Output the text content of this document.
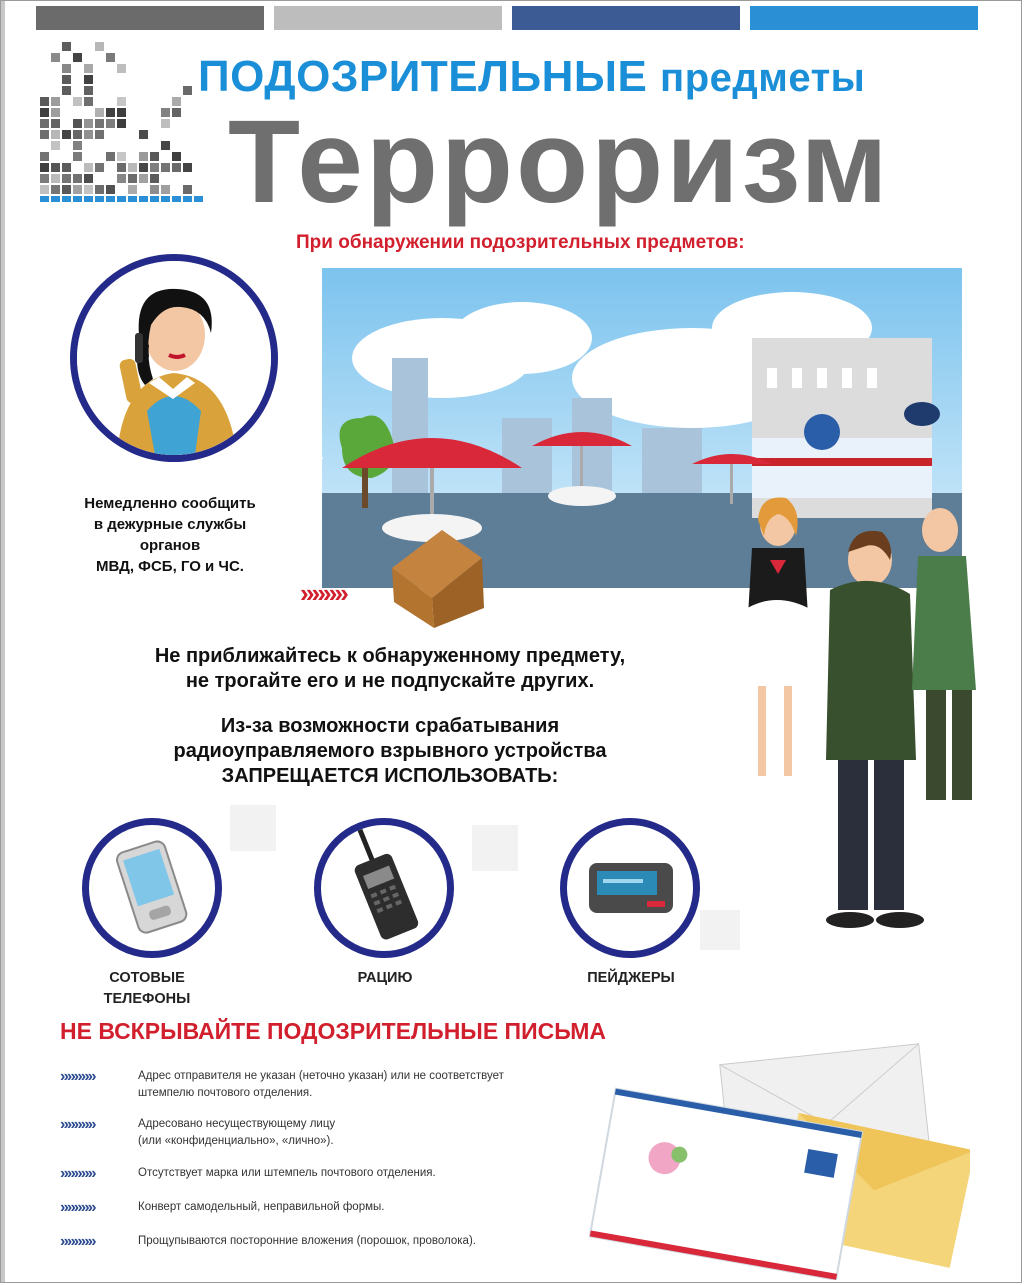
ПОДОЗРИТЕЛЬНЫЕ предметы
Терроризм
При обнаружении подозрительных предметов:
Немедленно сообщить
в дежурные службы
органов
МВД, ФСБ, ГО и ЧС.
»»»»
Не приближайтесь к обнаруженному предмету,
не трогайте его и не подпускайте других.
Из-за возможности срабатывания
радиоуправляемого взрывного устройства
ЗАПРЕЩАЕТСЯ ИСПОЛЬЗОВАТЬ:
СОТОВЫЕ
ТЕЛЕФОНЫ
РАЦИЮ	ПЕЙДЖЕРЫ
НЕ ВСКРЫВАЙТЕ ПОДОЗРИТЕЛЬНЫЕ ПИСЬМА
»»»»»	Адрес отправителя не указан (неточно указан) или не соответствует
штемпелю почтового отделения.
»»»»»	Адресовано несуществующему лицу
(или «конфиденциально», «лично»).
»»»»»	Отсутствует марка или штемпель почтового отделения.
»»»»»	Конверт самодельный, неправильной формы.
»»»»»	Прощупываются посторонние вложения (порошок, проволока).
